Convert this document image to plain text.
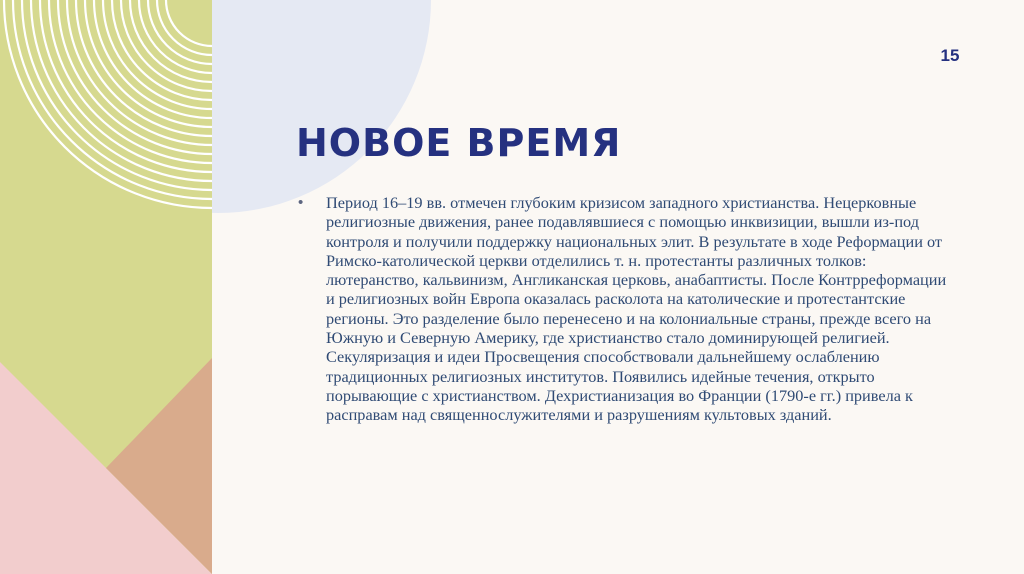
15
НОВОЕ ВРЕМЯ
• Период 16–19 вв. отмечен глубоким кризисом западного христианства. Нецерковные религиозные движения, ранее подавлявшиеся с помощью инквизиции, вышли из-под контроля и получили поддержку национальных элит. В результате в ходе Реформации от Римско-католической церкви отделились т. н. протестанты различных толков: лютеранство, кальвинизм, Англиканская церковь, анабаптисты. После Контрреформации и религиозных войн Европа оказалась расколота на католические и протестантские регионы. Это разделение было перенесено и на колониальные страны, прежде всего на Южную и Северную Америку, где христианство стало доминирующей религией. Секуляризация и идеи Просвещения способствовали дальнейшему ослаблению традиционных религиозных институтов. Появились идейные течения, открыто порывающие с христианством. Дехристианизация во Франции (1790-е гг.) привела к расправам над священнослужителями и разрушениям культовых зданий.
